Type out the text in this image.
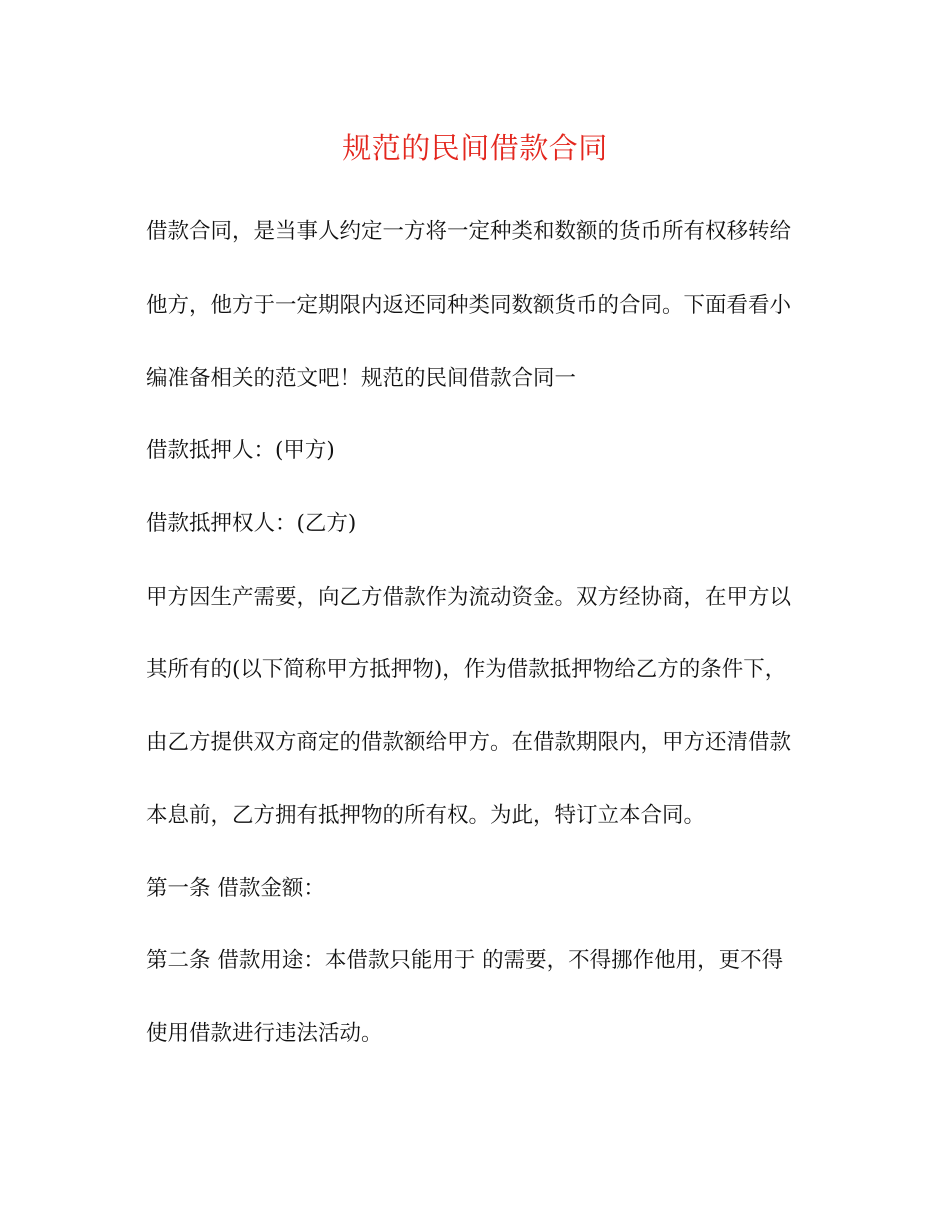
规范的民间借款合同
借款合同，是当事人约定一方将一定种类和数额的货币所有权移转给
他方，他方于一定期限内返还同种类同数额货币的合同。下面看看小
编准备相关的范文吧！规范的民间借款合同一
借款抵押人：(甲方)
借款抵押权人：(乙方)
甲方因生产需要，向乙方借款作为流动资金。双方经协商，在甲方以
其所有的(以下简称甲方抵押物)，作为借款抵押物给乙方的条件下，
由乙方提供双方商定的借款额给甲方。在借款期限内，甲方还清借款
本息前，乙方拥有抵押物的所有权。为此，特订立本合同。
第一条 借款金额：
第二条 借款用途：本借款只能用于 的需要，不得挪作他用，更不得
使用借款进行违法活动。
